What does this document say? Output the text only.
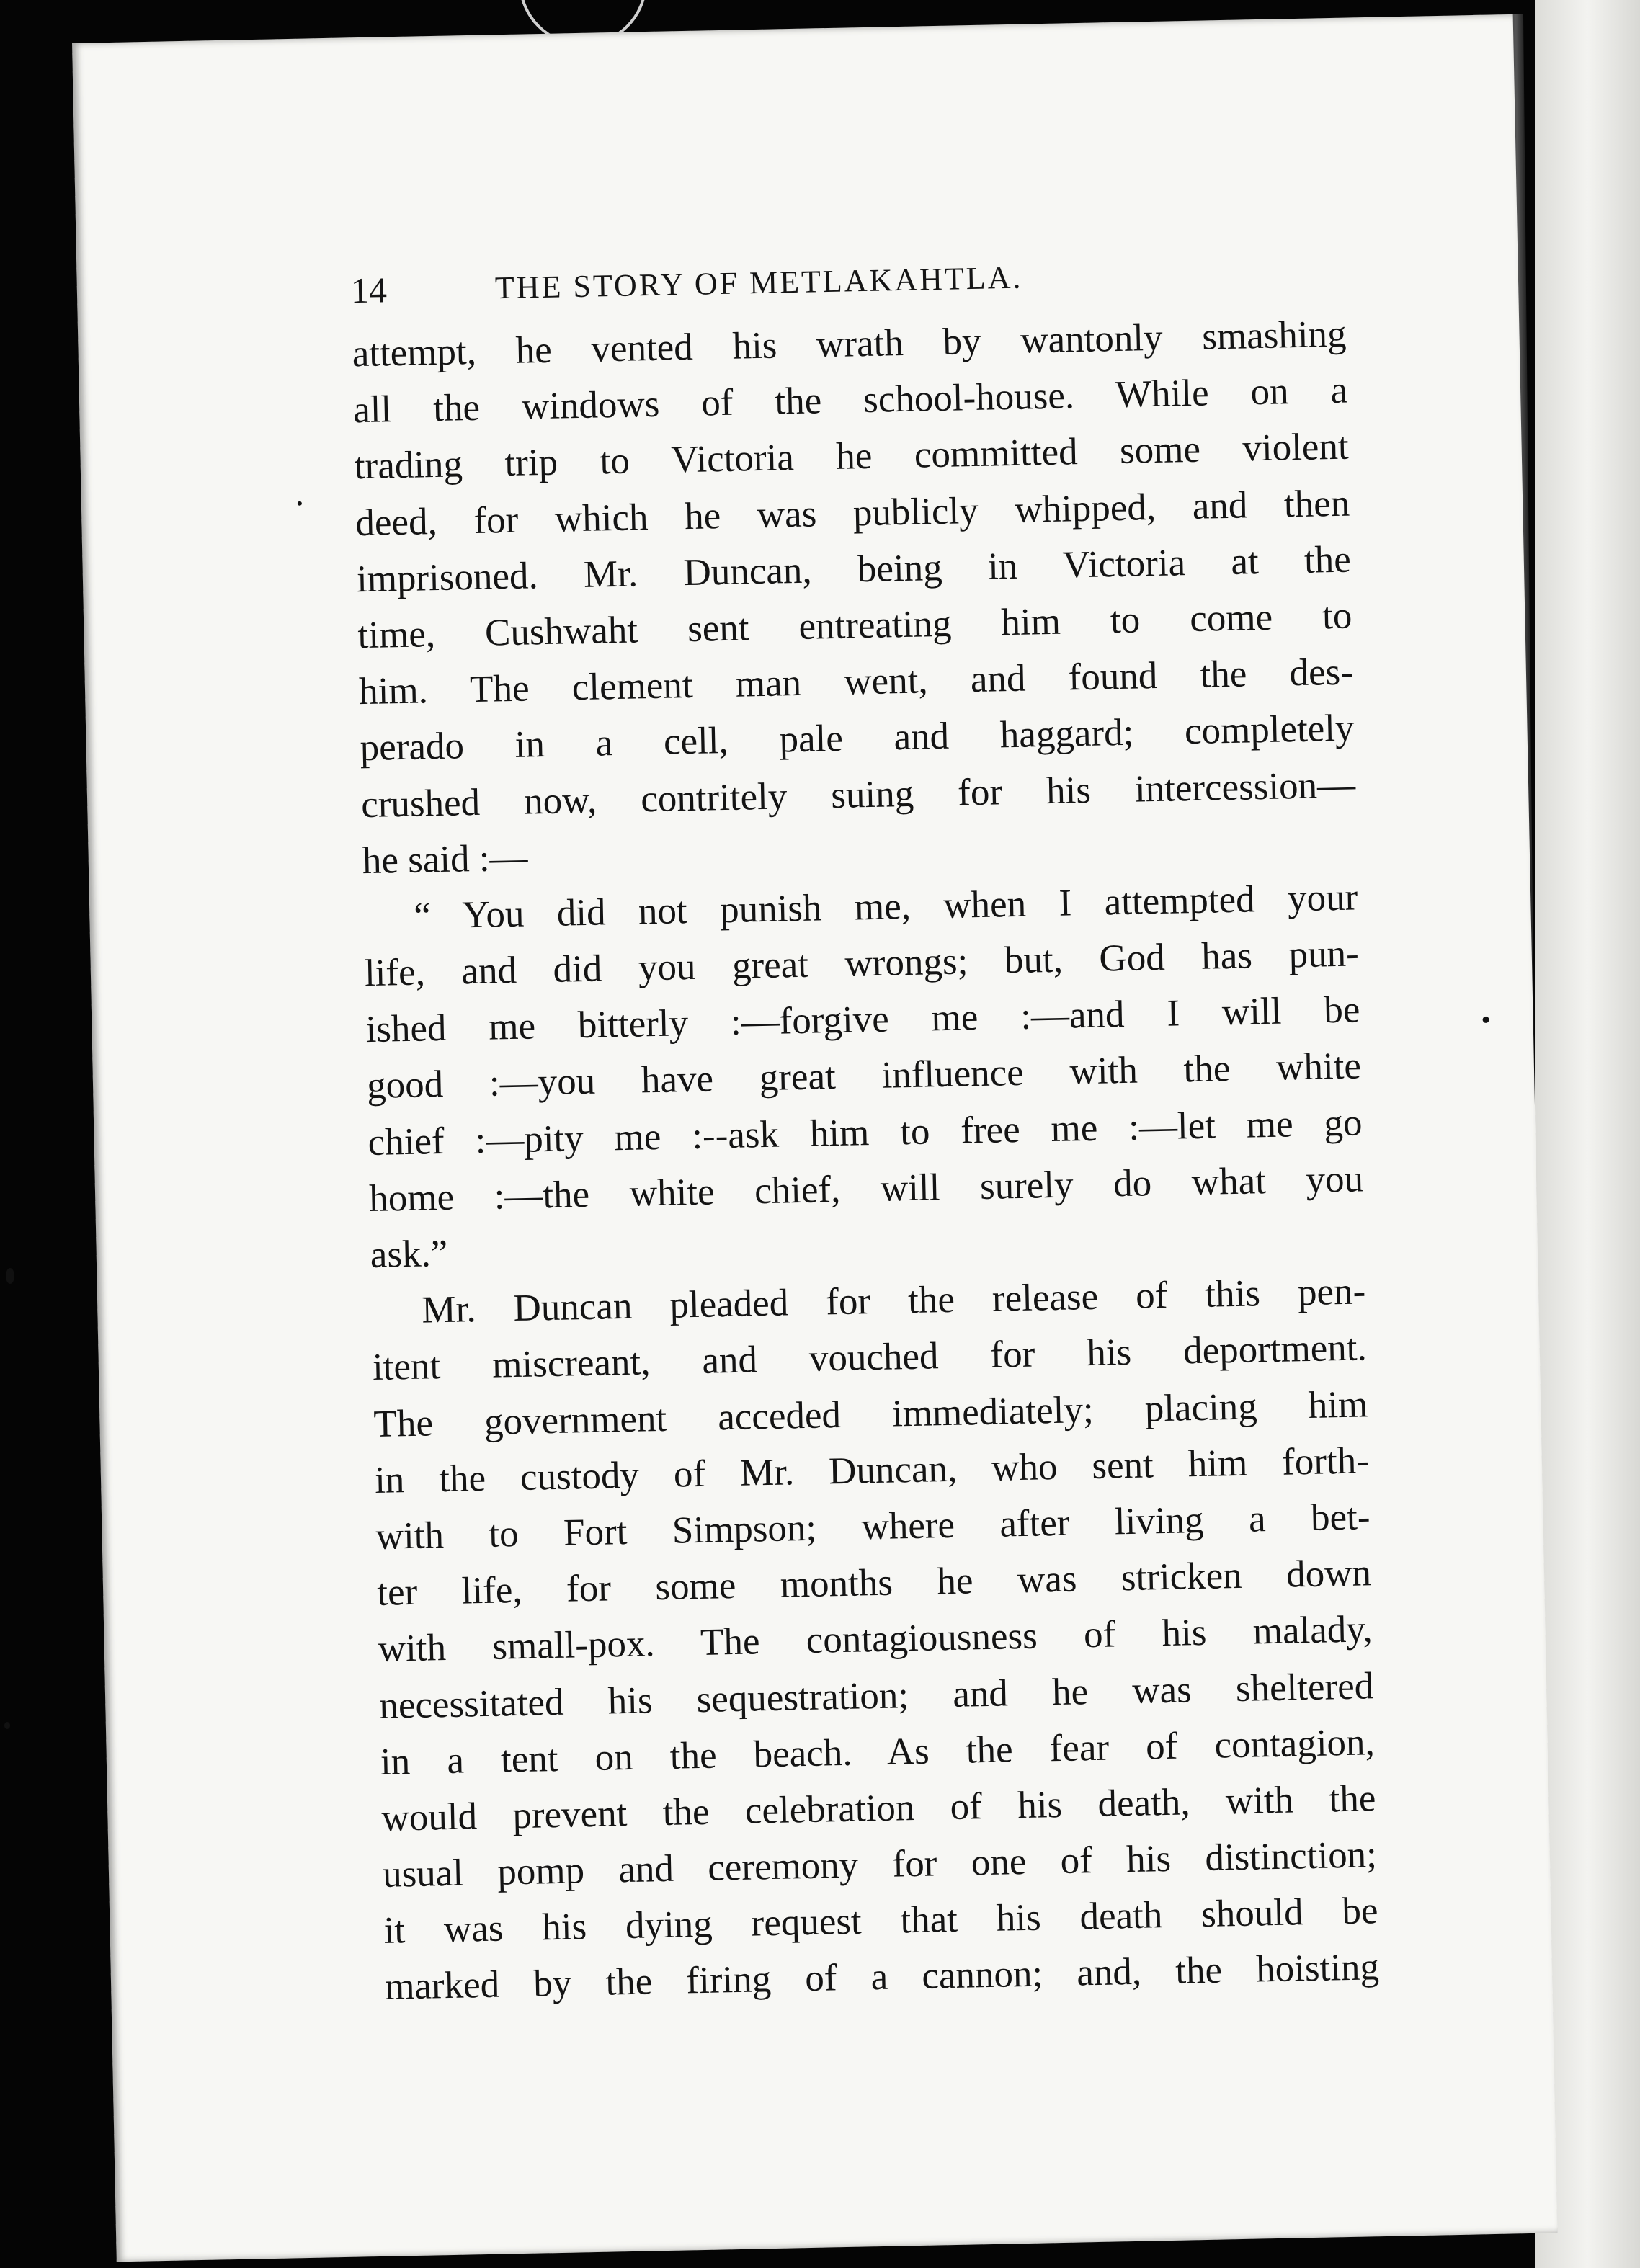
14	THE STORY OF METLAKAHTLA.
attempt, he vented his wrath by wantonly smashing
all the windows of the school-house. While on a
trading trip to Victoria he committed some violent
deed, for which he was publicly whipped, and then
imprisoned. Mr. Duncan, being in Victoria at the
time, Cushwaht sent entreating him to come to
him. The clement man went, and found the des-
perado in a cell, pale and haggard; completely
crushed now, contritely suing for his intercession—
he said :—
“ You did not punish me, when I attempted your
life, and did you great wrongs; but, God has pun-
ished me bitterly :—forgive me :—and I will be
good :—you have great influence with the white
chief :—pity me :--ask him to free me :—let me go
home :—the white chief, will surely do what you
ask.”
Mr. Duncan pleaded for the release of this pen-
itent miscreant, and vouched for his deportment.
The government acceded immediately; placing him
in the custody of Mr. Duncan, who sent him forth-
with to Fort Simpson; where after living a bet-
ter life, for some months he was stricken down
with small-pox. The contagiousness of his malady,
necessitated his sequestration; and he was sheltered
in a tent on the beach. As the fear of contagion,
would prevent the celebration of his death, with the
usual pomp and ceremony for one of his distinction;
it was his dying request that his death should be
marked by the firing of a cannon; and, the hoisting
